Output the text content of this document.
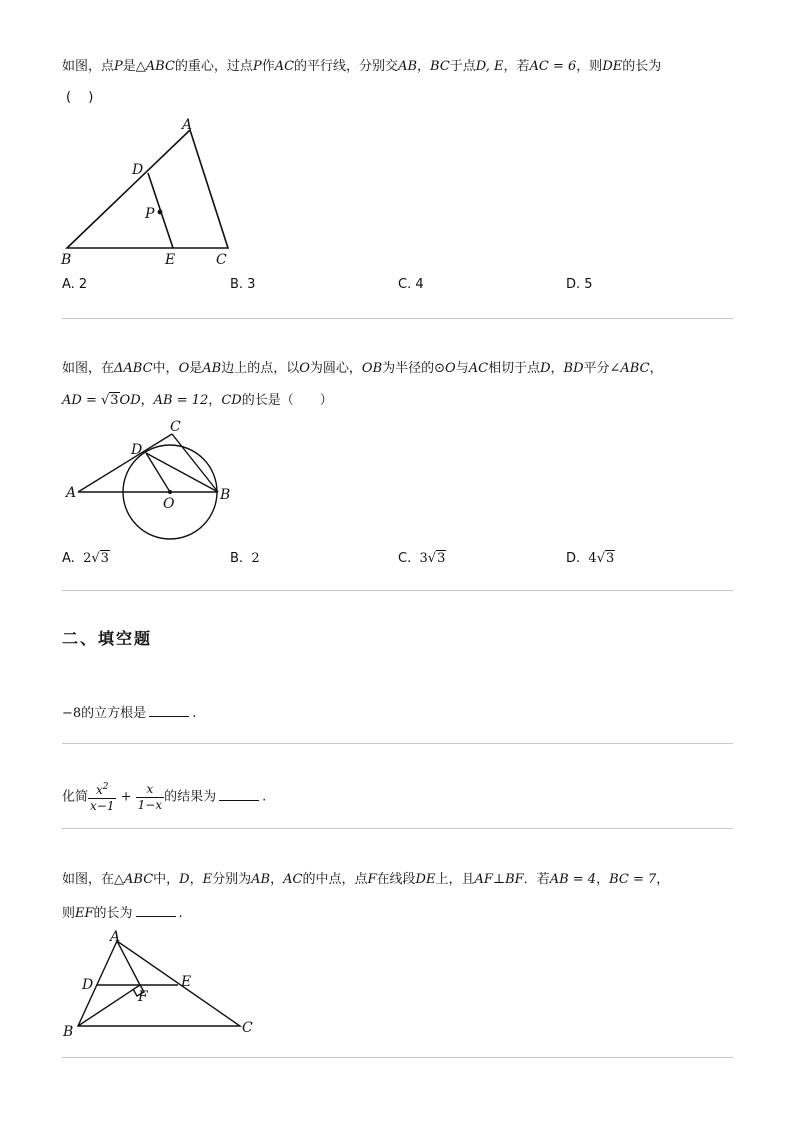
如图，点P是△ABC的重心，过点P作AC的平行线，分别交AB，BC于点D, E，若AC = 6，则DE的长为
(　 )
A
B	C
D
E
P
A. 2	B. 3	C. 4	D. 5
如图，在ΔABC中，O是AB边上的点，以O为圆心，OB为半径的⊙O与AC相切于点D，BD平分∠ABC，
AD = √3OD，AB = 12，CD的长是（　　）
A	B
C
D
O
A. 2√3	B. 2	C. 3√3	D. 4√3
二、填空题
−8的立方根是	.
化简 $\frac{x^2}{x-1} + \frac{x}{1-x}$ 的结果为	.
如图，在△ABC中，D，E分别为AB，AC的中点，点F在线段DE上，且AF⊥BF．若AB = 4，BC = 7，
则EF的长为	.
A
B	C
D	E
F
